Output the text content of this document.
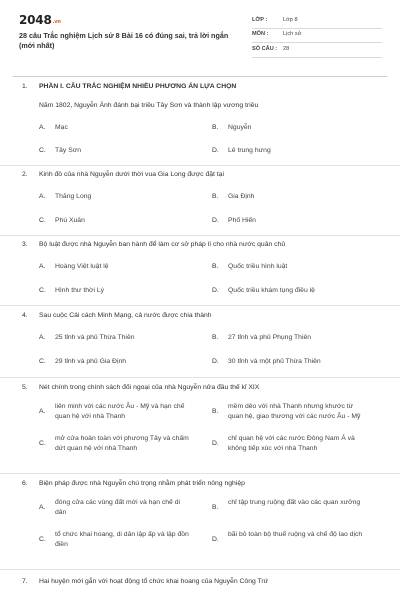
2048.vn
28 câu Trắc nghiệm Lịch sử 8 Bài 16 có đúng sai, trả lời ngắn (mới nhất)
LỚP :	Lớp 8
MÔN :	Lịch sử
SỐ CÂU :	28
1. PHẦN I. CÂU TRẮC NGHIỆM NHIỀU PHƯƠNG ÁN LỰA CHỌN
Năm 1802, Nguyễn Ánh đánh bại triều Tây Sơn và thành lập vương triều
A.	Mạc	B.	Nguyễn
C.	Tây Sơn	D.	Lê trung hưng
2. Kinh đô của nhà Nguyễn dưới thời vua Gia Long được đặt tại
A.	Thăng Long	B.	Gia Định
C.	Phú Xuân	D.	Phố Hiến
3. Bộ luật được nhà Nguyễn ban hành để làm cơ sở pháp lí cho nhà nước quân chủ
A.	Hoàng Việt luật lệ	B.	Quốc triều hình luật
C.	Hình thư thời Lý	D.	Quốc triều khám tụng điều lệ
4. Sau cuộc Cải cách Minh Mạng, cả nước được chia thành
A.	25 tỉnh và phủ Thừa Thiên	B.	27 tỉnh và phủ Phụng Thiên
C.	29 tỉnh và phủ Gia Định	D.	30 tỉnh và một phủ Thừa Thiên
5. Nét chính trong chính sách đối ngoại của nhà Nguyễn nửa đầu thế kỉ XIX
A.
liên minh với các nước Âu - Mỹ và hạn chế quan hệ với nhà Thanh
B.
mềm dẻo với nhà Thanh nhưng khước từ quan hệ, giao thương với các nước Âu - Mỹ
C.
mở cửa hoàn toàn với phương Tây và chấm dứt quan hệ với nhà Thanh
D.
chỉ quan hệ với các nước Đông Nam Á và không tiếp xúc với nhà Thanh
6. Biện pháp được nhà Nguyễn chú trọng nhằm phát triển nông nghiệp
A.
đóng cửa các vùng đất mới và hạn chế di dân
B.
chỉ tập trung ruộng đất vào các quan xưởng
C.
tổ chức khai hoang, di dân lập ấp và lập đồn điền
D.
bãi bỏ toàn bộ thuế ruộng và chế độ lao dịch
7. Hai huyện mới gắn với hoạt động tổ chức khai hoang của Nguyễn Công Trứ
